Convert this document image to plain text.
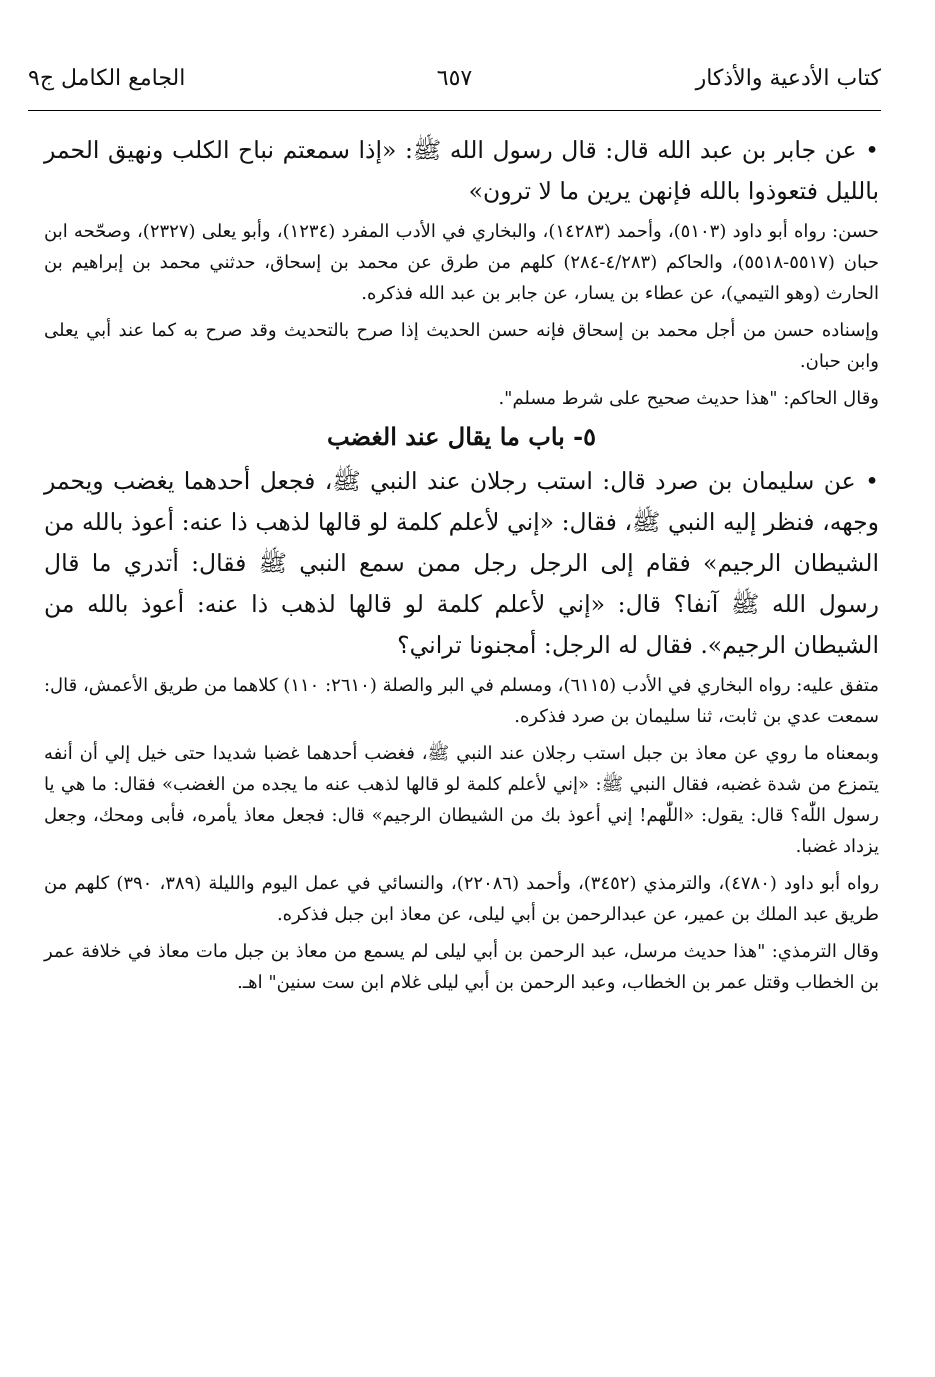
كتاب الأدعية والأذكار
٦٥٧
الجامع الكامل ج٩

• عن جابر بن عبد الله قال: قال رسول الله ﷺ: «إذا سمعتم نباح الكلب ونهيق الحمر بالليل فتعوذوا بالله فإنهن يرين ما لا ترون»

حسن: رواه أبو داود (٥١٠٣)، وأحمد (١٤٢٨٣)، والبخاري في الأدب المفرد (١٢٣٤)، وأبو يعلى (٢٣٢٧)، وصحّحه ابن حبان (٥٥١٧-٥٥١٨)، والحاكم (٤/٢٨٣-٢٨٤) كلهم من طرق عن محمد بن إسحاق، حدثني محمد بن إبراهيم بن الحارث (وهو التيمي)، عن عطاء بن يسار، عن جابر بن عبد الله فذكره.

وإسناده حسن من أجل محمد بن إسحاق فإنه حسن الحديث إذا صرح بالتحديث وقد صرح به كما عند أبي يعلى وابن حبان.

وقال الحاكم: "هذا حديث صحيح على شرط مسلم".

٥- باب ما يقال عند الغضب

• عن سليمان بن صرد قال: استب رجلان عند النبي ﷺ، فجعل أحدهما يغضب ويحمر وجهه، فنظر إليه النبي ﷺ، فقال: «إني لأعلم كلمة لو قالها لذهب ذا عنه: أعوذ بالله من الشيطان الرجيم» فقام إلى الرجل رجل ممن سمع النبي ﷺ فقال: أتدري ما قال رسول الله ﷺ آنفا؟ قال: «إني لأعلم كلمة لو قالها لذهب ذا عنه: أعوذ بالله من الشيطان الرجيم». فقال له الرجل: أمجنونا تراني؟

متفق عليه: رواه البخاري في الأدب (٦١١٥)، ومسلم في البر والصلة (٢٦١٠: ١١٠) كلاهما من طريق الأعمش، قال: سمعت عدي بن ثابت، ثنا سليمان بن صرد فذكره.

وبمعناه ما روي عن معاذ بن جبل استب رجلان عند النبي ﷺ، فغضب أحدهما غضبا شديدا حتى خيل إلي أن أنفه يتمزع من شدة غضبه، فقال النبي ﷺ: «إني لأعلم كلمة لو قالها لذهب عنه ما يجده من الغضب» فقال: ما هي يا رسول اللّٰه؟ قال: يقول: «اللّٰهم! إني أعوذ بك من الشيطان الرجيم» قال: فجعل معاذ يأمره، فأبى ومحك، وجعل يزداد غضبا.

رواه أبو داود (٤٧٨٠)، والترمذي (٣٤٥٢)، وأحمد (٢٢٠٨٦)، والنسائي في عمل اليوم والليلة (٣٨٩، ٣٩٠) كلهم من طريق عبد الملك بن عمير، عن عبدالرحمن بن أبي ليلى، عن معاذ ابن جبل فذكره.

وقال الترمذي: "هذا حديث مرسل، عبد الرحمن بن أبي ليلى لم يسمع من معاذ بن جبل مات معاذ في خلافة عمر بن الخطاب وقتل عمر بن الخطاب، وعبد الرحمن بن أبي ليلى غلام ابن ست سنين" اهـ.
